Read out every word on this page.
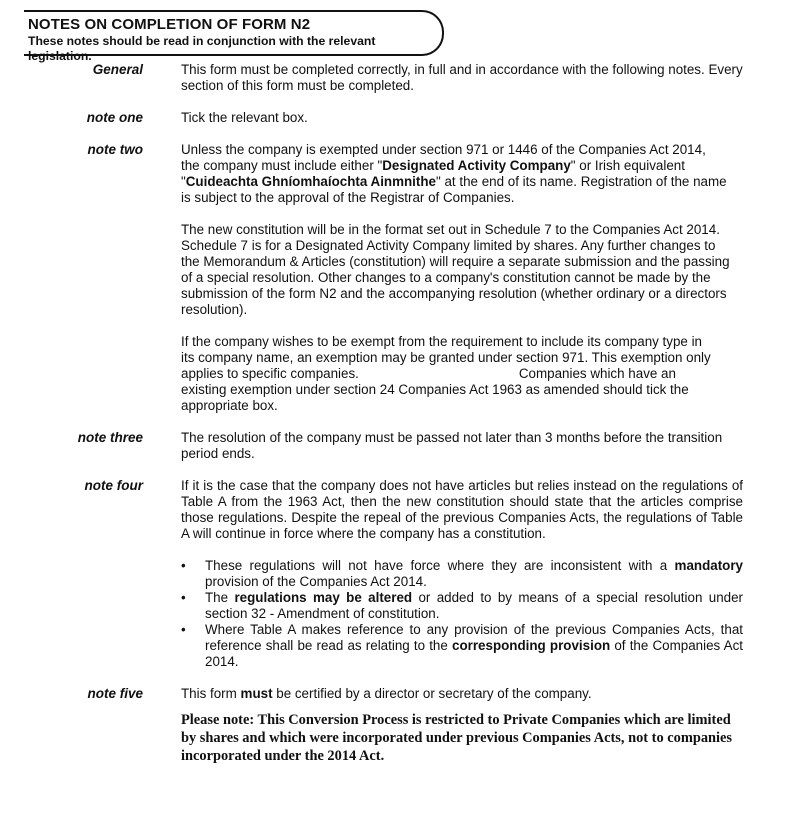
NOTES ON COMPLETION OF FORM N2
These notes should be read in conjunction with the relevant legislation.
General	This form must be completed correctly, in full and in accordance with the following notes. Every section of this form must be completed.

note one	Tick the relevant box.

note two	Unless the company is exempted under section 971 or 1446 of the Companies Act 2014,
the company must include either "Designated Activity Company" or Irish equivalent
"Cuideachta Ghníomhaíochta Ainmnithe" at the end of its name. Registration of the name
is subject to the approval of the Registrar of Companies.

The new constitution will be in the format set out in Schedule 7 to the Companies Act 2014.
Schedule 7 is for a Designated Activity Company limited by shares. Any further changes to
the Memorandum & Articles (constitution) will require a separate submission and the passing
of a special resolution. Other changes to a company's constitution cannot be made by the
submission of the form N2 and the accompanying resolution (whether ordinary or a directors
resolution).

If the company wishes to be exempt from the requirement to include its company type in
its company name, an exemption may be granted under section 971. This exemption only
applies to specific companies.	Companies which have an
existing exemption under section 24 Companies Act 1963 as amended should tick the
appropriate box.

note three	The resolution of the company must be passed not later than 3 months before the transition period ends.

note four	If it is the case that the company does not have articles but relies instead on the regulations of Table A from the 1963 Act, then the new constitution should state that the articles comprise those regulations. Despite the repeal of the previous Companies Acts, the regulations of Table A will continue in force where the company has a constitution.

• These regulations will not have force where they are inconsistent with a mandatory provision of the Companies Act 2014.
• The regulations may be altered or added to by means of a special resolution under section 32 - Amendment of constitution.
• Where Table A makes reference to any provision of the previous Companies Acts, that reference shall be read as relating to the corresponding provision of the Companies Act 2014.
note five	This form must be certified by a director or secretary of the company.

Please note: This Conversion Process is restricted to Private Companies which are limited by shares and which were incorporated under previous Companies Acts, not to companies incorporated under the 2014 Act.
